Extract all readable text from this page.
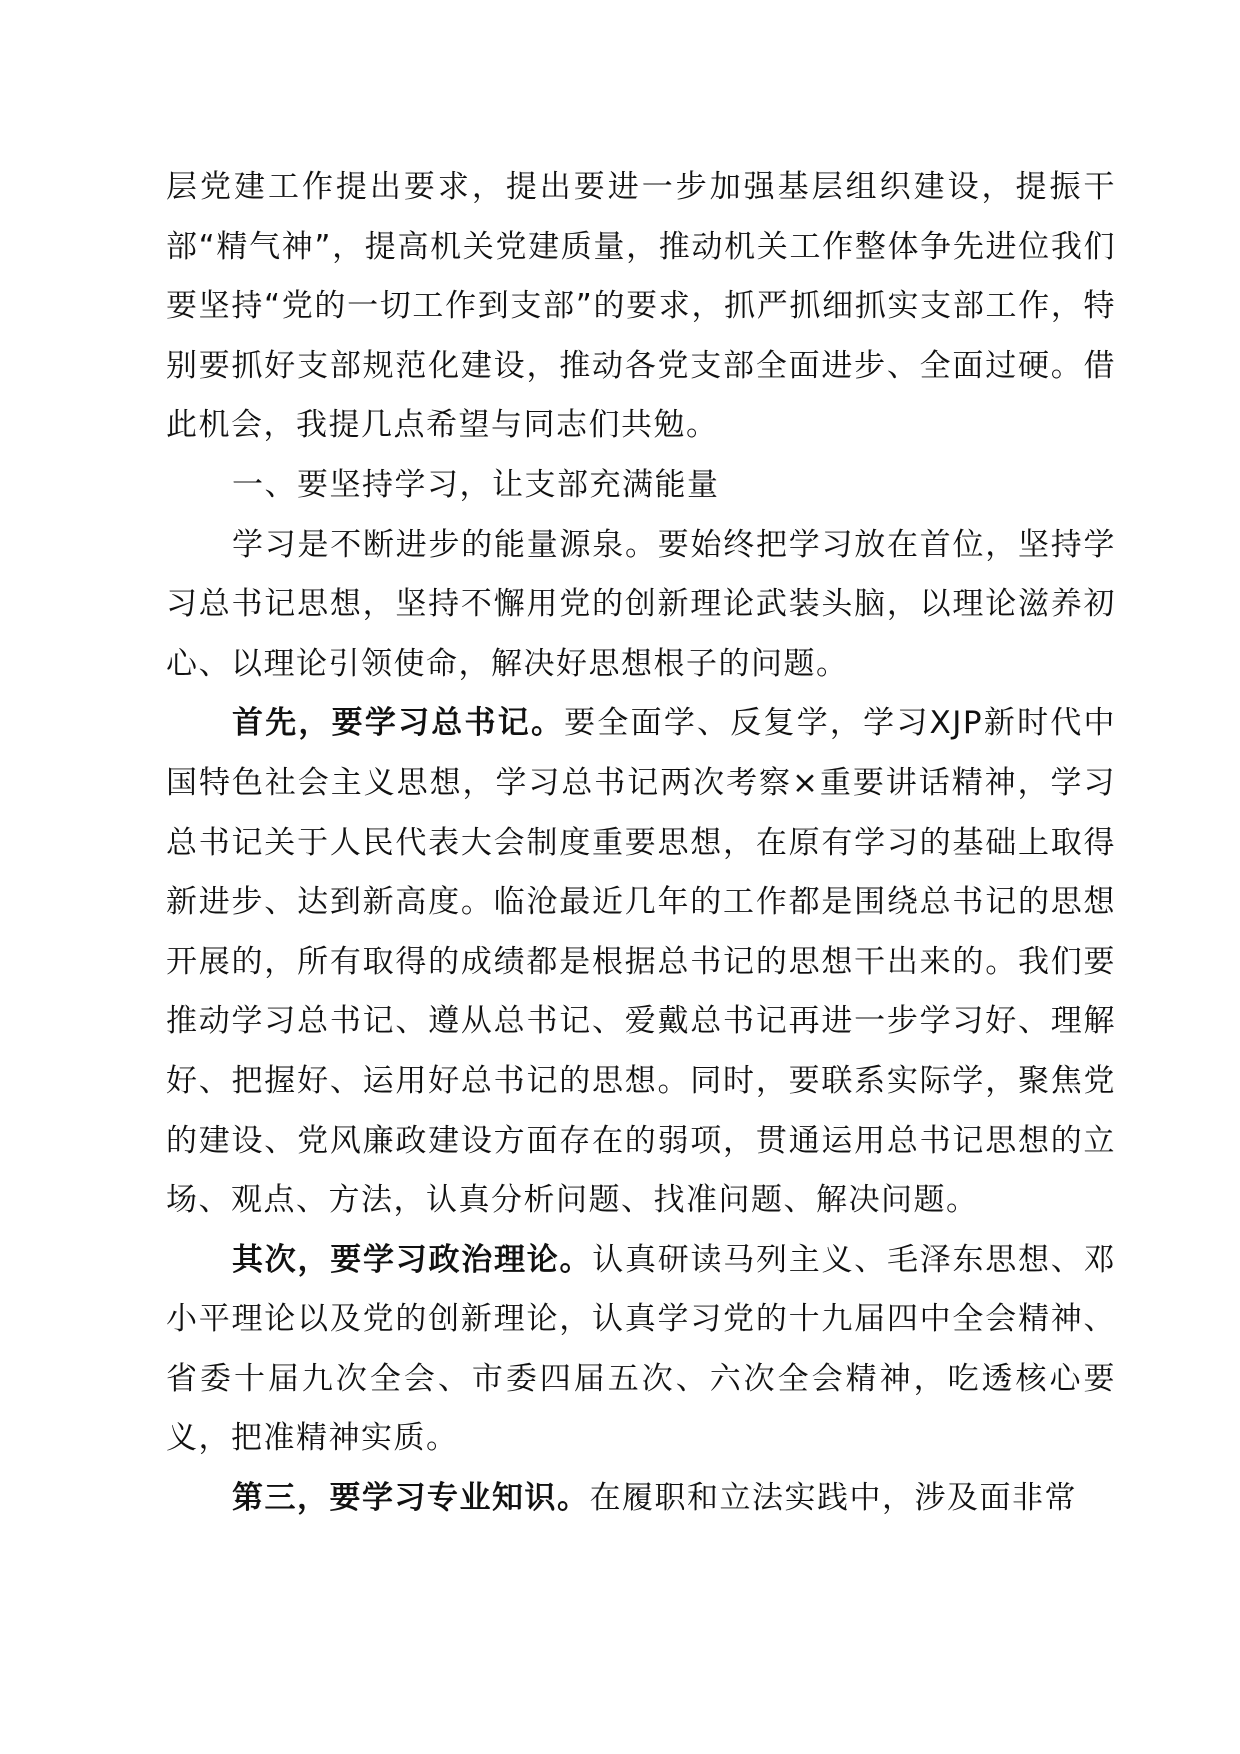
层党建工作提出要求，提出要进一步加强基层组织建设，提振干部“精气神”，提高机关党建质量，推动机关工作整体争先进位我们要坚持“党的一切工作到支部”的要求，抓严抓细抓实支部工作，特别要抓好支部规范化建设，推动各党支部全面进步、全面过硬。借此机会，我提几点希望与同志们共勉。

一、要坚持学习，让支部充满能量

学习是不断进步的能量源泉。要始终把学习放在首位，坚持学习总书记思想，坚持不懈用党的创新理论武装头脑，以理论滋养初心、以理论引领使命，解决好思想根子的问题。

首先，要学习总书记。要全面学、反复学，学习XJP新时代中国特色社会主义思想，学习总书记两次考察×重要讲话精神，学习总书记关于人民代表大会制度重要思想，在原有学习的基础上取得新进步、达到新高度。临沧最近几年的工作都是围绕总书记的思想开展的，所有取得的成绩都是根据总书记的思想干出来的。我们要推动学习总书记、遵从总书记、爱戴总书记再进一步学习好、理解好、把握好、运用好总书记的思想。同时，要联系实际学，聚焦党的建设、党风廉政建设方面存在的弱项，贯通运用总书记思想的立场、观点、方法，认真分析问题、找准问题、解决问题。

其次，要学习政治理论。认真研读马列主义、毛泽东思想、邓小平理论以及党的创新理论，认真学习党的十九届四中全会精神、省委十届九次全会、市委四届五次、六次全会精神，吃透核心要义，把准精神实质。

第三，要学习专业知识。在履职和立法实践中，涉及面非常
